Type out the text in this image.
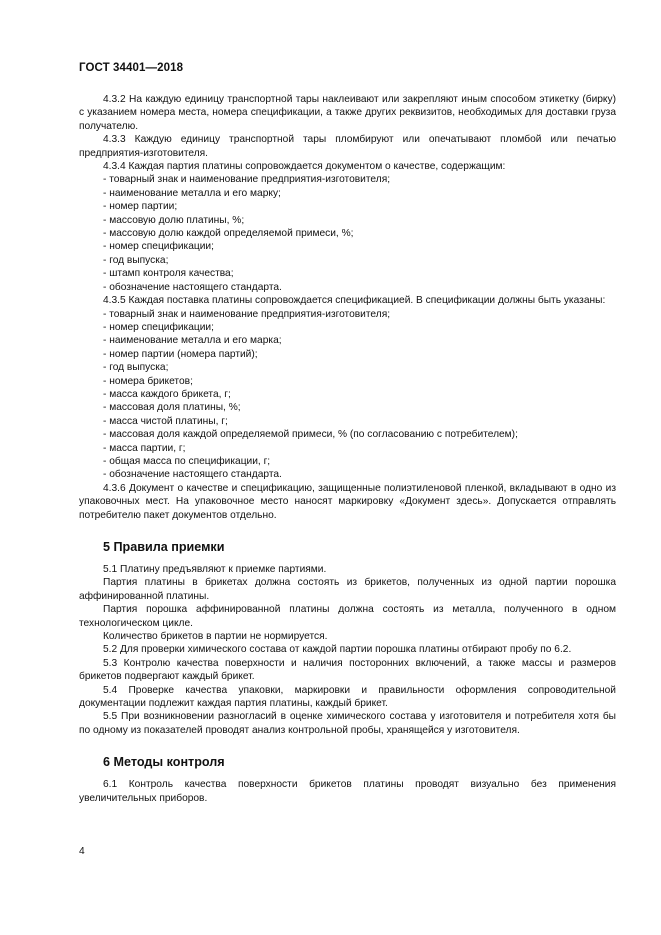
ГОСТ 34401—2018

4.3.2 На каждую единицу транспортной тары наклеивают или закрепляют иным способом этикетку (бирку) с указанием номера места, номера спецификации, а также других реквизитов, необходимых для доставки груза получателю.

4.3.3 Каждую единицу транспортной тары пломбируют или опечатывают пломбой или печатью предприятия-изготовителя.

4.3.4 Каждая партия платины сопровождается документом о качестве, содержащим:

- товарный знак и наименование предприятия-изготовителя;

- наименование металла и его марку;

- номер партии;

- массовую долю платины, %;

- массовую долю каждой определяемой примеси, %;

- номер спецификации;

- год выпуска;

- штамп контроля качества;

- обозначение настоящего стандарта.

4.3.5 Каждая поставка платины сопровождается спецификацией. В спецификации должны быть указаны:

- товарный знак и наименование предприятия-изготовителя;

- номер спецификации;

- наименование металла и его марка;

- номер партии (номера партий);

- год выпуска;

- номера брикетов;

- масса каждого брикета, г;

- массовая доля платины, %;

- масса чистой платины, г;

- массовая доля каждой определяемой примеси, % (по согласованию с потребителем);

- масса партии, г;

- общая масса по спецификации, г;

- обозначение настоящего стандарта.

4.3.6 Документ о качестве и спецификацию, защищенные полиэтиленовой пленкой, вкладывают в одно из упаковочных мест. На упаковочное место наносят маркировку «Документ здесь». Допускается отправлять потребителю пакет документов отдельно.

5 Правила приемки

5.1 Платину предъявляют к приемке партиями.

Партия платины в брикетах должна состоять из брикетов, полученных из одной партии порошка аффинированной платины.

Партия порошка аффинированной платины должна состоять из металла, полученного в одном технологическом цикле.

Количество брикетов в партии не нормируется.

5.2 Для проверки химического состава от каждой партии порошка платины отбирают пробу по 6.2.

5.3 Контролю качества поверхности и наличия посторонних включений, а также массы и размеров брикетов подвергают каждый брикет.

5.4 Проверке качества упаковки, маркировки и правильности оформления сопроводительной документации подлежит каждая партия платины, каждый брикет.

5.5 При возникновении разногласий в оценке химического состава у изготовителя и потребителя хотя бы по одному из показателей проводят анализ контрольной пробы, хранящейся у изготовителя.

6 Методы контроля

6.1 Контроль качества поверхности брикетов платины проводят визуально без применения увеличительных приборов.

4
